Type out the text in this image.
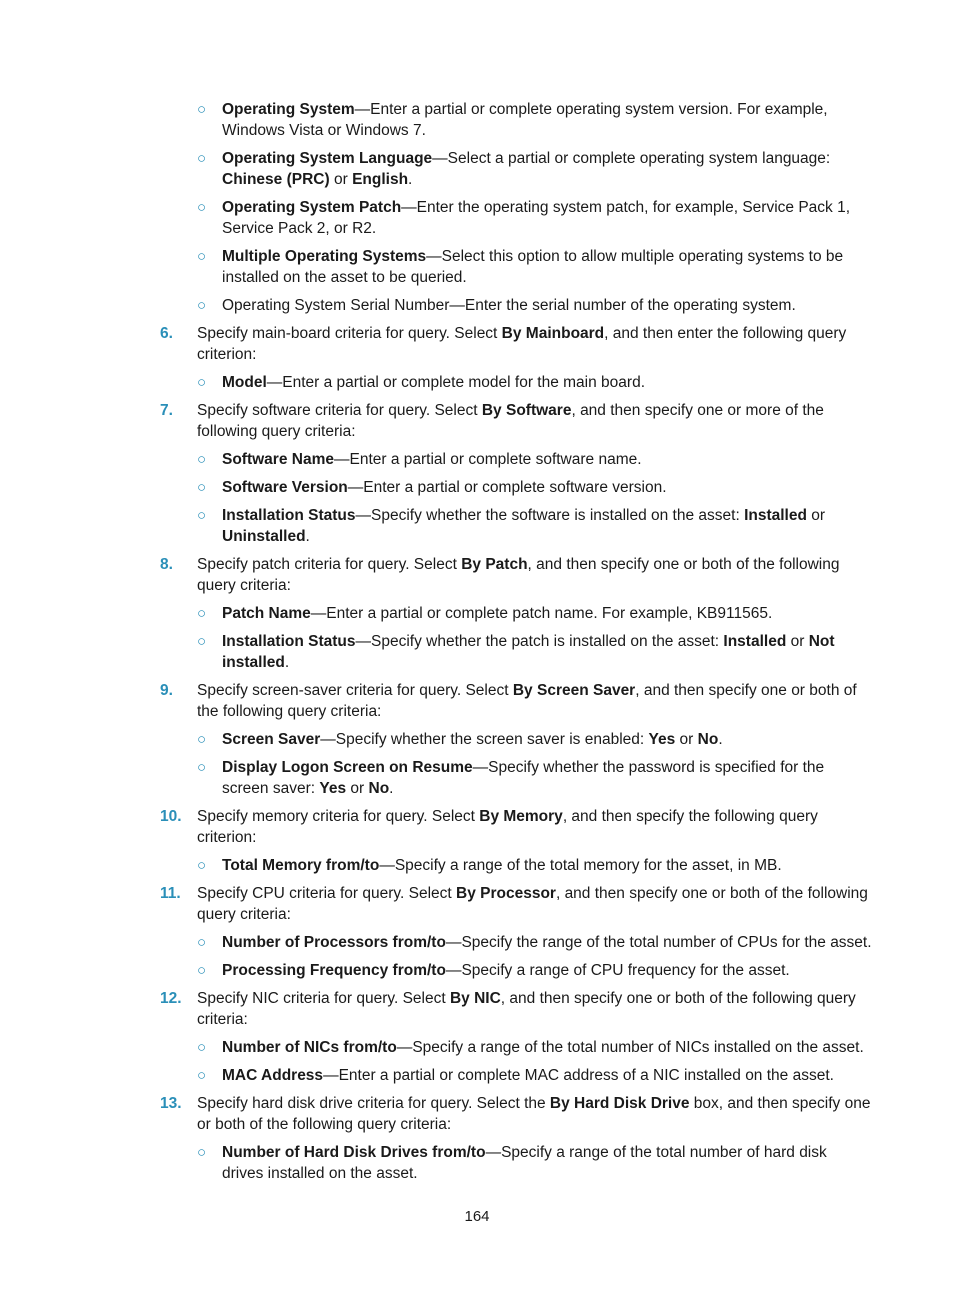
○ Operating System—Enter a partial or complete operating system version. For example, Windows Vista or Windows 7.
○ Operating System Language—Select a partial or complete operating system language: Chinese (PRC) or English.
○ Operating System Patch—Enter the operating system patch, for example, Service Pack 1, Service Pack 2, or R2.
○ Multiple Operating Systems—Select this option to allow multiple operating systems to be installed on the asset to be queried.
○ Operating System Serial Number—Enter the serial number of the operating system.
6. Specify main-board criteria for query. Select By Mainboard, and then enter the following query criterion:
○ Model—Enter a partial or complete model for the main board.
7. Specify software criteria for query. Select By Software, and then specify one or more of the following query criteria:
○ Software Name—Enter a partial or complete software name.
○ Software Version—Enter a partial or complete software version.
○ Installation Status—Specify whether the software is installed on the asset: Installed or Uninstalled.
8. Specify patch criteria for query. Select By Patch, and then specify one or both of the following query criteria:
○ Patch Name—Enter a partial or complete patch name. For example, KB911565.
○ Installation Status—Specify whether the patch is installed on the asset: Installed or Not installed.
9. Specify screen-saver criteria for query. Select By Screen Saver, and then specify one or both of the following query criteria:
○ Screen Saver—Specify whether the screen saver is enabled: Yes or No.
○ Display Logon Screen on Resume—Specify whether the password is specified for the screen saver: Yes or No.
10. Specify memory criteria for query. Select By Memory, and then specify the following query criterion:
○ Total Memory from/to—Specify a range of the total memory for the asset, in MB.
11. Specify CPU criteria for query. Select By Processor, and then specify one or both of the following query criteria:
○ Number of Processors from/to—Specify the range of the total number of CPUs for the asset.
○ Processing Frequency from/to—Specify a range of CPU frequency for the asset.
12. Specify NIC criteria for query. Select By NIC, and then specify one or both of the following query criteria:
○ Number of NICs from/to—Specify a range of the total number of NICs installed on the asset.
○ MAC Address—Enter a partial or complete MAC address of a NIC installed on the asset.
13. Specify hard disk drive criteria for query. Select the By Hard Disk Drive box, and then specify one or both of the following query criteria:
○ Number of Hard Disk Drives from/to—Specify a range of the total number of hard disk drives installed on the asset.
164
